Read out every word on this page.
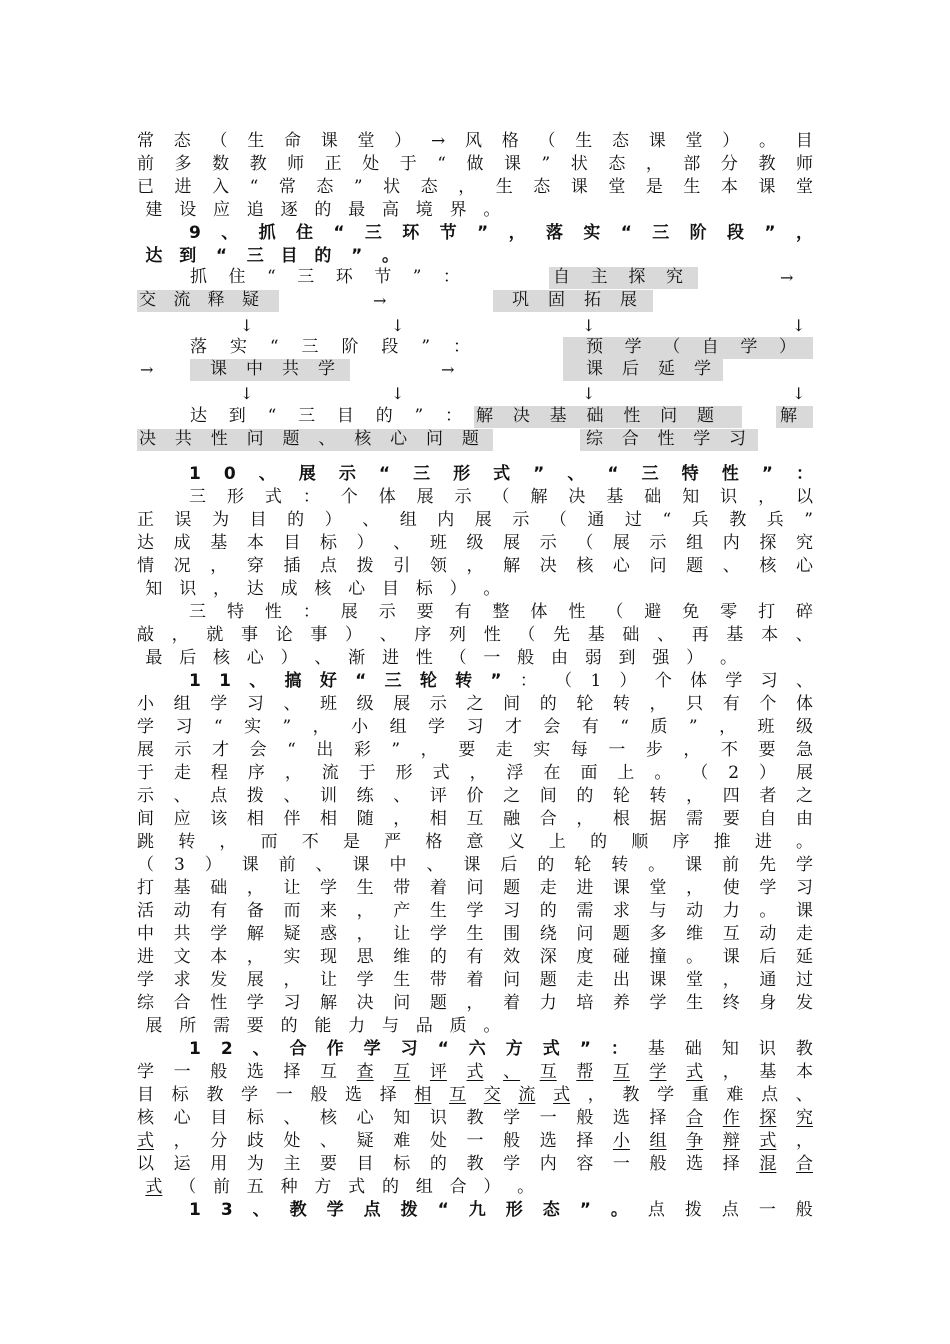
常 态 （ 生 命 课 堂 ） → 风 格 （ 生 态 课 堂 ） 。 目
前 多 数 教 师 正 处 于 “ 做 课 ” 状 态 ， 部 分 教 师
已 进 入 “ 常 态 ” 状 态 ， 生 态 课 堂 是 生 本 课 堂
建 设 应 追 逐 的 最 高 境 界 。
9 、 抓 住 “ 三 环 节 ” ， 落 实 “ 三 阶 段 ” ，
达 到	“	三 目 的	”	。
1 0 、 展 示 “ 三 形 式 ” 、 “ 三 特 性 ” ：
三 形 式 ： 个 体 展 示 （ 解 决 基 础 知 识 ， 以
正 误 为 目 的 ） 、 组 内 展 示 （ 通 过 “ 兵 教 兵 ”
达 成 基 本 目 标 ） 、 班 级 展 示 （ 展 示 组 内 探 究
情 况 ， 穿 插 点 拨 引 领 ， 解 决 核 心 问 题 、 核 心
知 识 ， 达 成 核 心 目 标 ） 。
三 特 性 ： 展 示 要 有 整 体 性 （ 避 免 零 打 碎
敲 ， 就 事 论 事 ） 、 序 列 性 （ 先 基 础 、 再 基 本 、
最 后 核 心 ） 、 渐 进 性 （ 一 般 由 弱 到 强 ） 。
1 1 、 搞 好 “ 三 轮 转 ” ： （ 1 ） 个 体 学 习 、
小 组 学 习 、 班 级 展 示 之 间 的 轮 转 ， 只 有 个 体
学 习 “ 实 ” ， 小 组 学 习 才 会 有 “ 质 ” ， 班 级
展 示 才 会 “ 出 彩 ” ， 要 走 实 每 一 步 ， 不 要 急
于 走 程 序 ， 流 于 形 式 ， 浮 在 面 上 。 （ 2 ） 展
示 、 点 拨 、 训 练 、 评 价 之 间 的 轮 转 ， 四 者 之
间 应 该 相 伴 相 随 ， 相 互 融 合 ， 根 据 需 要 自 由
跳 转 ， 而 不 是 严 格 意 义 上 的 顺 序 推 进 。
（ 3 ） 课 前 、 课 中 、 课 后 的 轮 转 。 课 前 先 学
打 基 础 ， 让 学 生 带 着 问 题 走 进 课 堂 ， 使 学 习
活 动 有 备 而 来 ， 产 生 学 习 的 需 求 与 动 力 。 课
中 共 学 解 疑 惑 ， 让 学 生 围 绕 问 题 多 维 互 动 走
进 文 本 ， 实 现 思 维 的 有 效 深 度 碰 撞 。 课 后 延
学 求 发 展 ， 让 学 生 带 着 问 题 走 出 课 堂 ， 通 过
综 合 性 学 习 解 决 问 题 ， 着 力 培 养 学 生 终 身 发
展 所 需 要 的 能 力 与 品 质 。
1 2 、 合 作 学 习 “ 六 方 式 ” ： 基 础 知 识 教
学 一 般 选 择 互 查 互 评 式 、 互 帮 互 学 式 ， 基 本
目 标 教 学 一 般 选 择 相 互 交 流 式 ， 教 学 重 难 点 、
核 心 目 标 、 核 心 知 识 教 学 一 般 选 择 合 作 探 究
式 ， 分 歧 处 、 疑 难 处 一 般 选 择 小 组 争 辩 式 ，
以 运 用 为 主 要 目 标 的 教 学 内 容 一 般 选 择 混 合
式 （ 前 五 种 方 式 的 组 合 ） 。
1 3 、 教 学 点 拨 “ 九 形 态 ” 。 点 拨 点 一 般
抓 住 “ 三 环 节 ” ：	自 主 探 究	→
交 流 释 疑	→	巩 固 拓 展
↓	↓	↓	↓
落 实 “ 三 阶 段 ” ：	预 学 （ 自 学 ）
→	课 中 共 学	→	课 后 延 学
↓	↓	↓	↓
达 到 “ 三 目 的 ” ： 解 决 基 础 性 问 题	解
决 共 性 问 题 、 核 心 问 题	综 合 性 学 习
